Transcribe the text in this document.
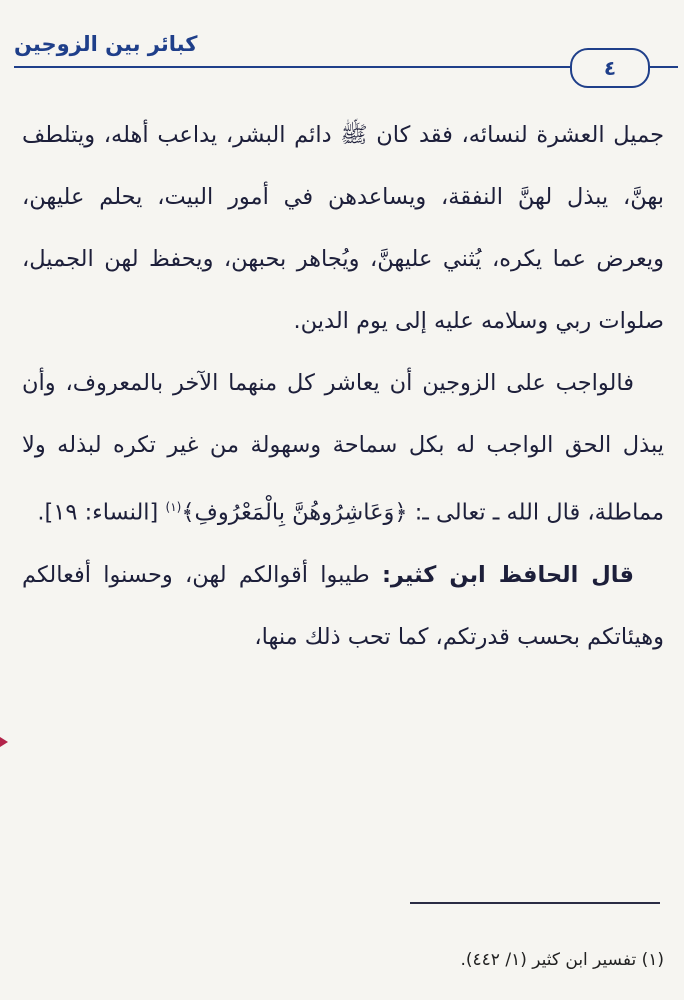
كبائر بين الزوجين
٤

جميل العشرة لنسائه، فقد كان ﷺ دائم البشر، يداعب أهله، ويتلطف بهنَّ، يبذل لهنَّ النفقة، ويساعدهن في أمور البيت، يحلم عليهن، ويعرض عما يكره، يُثني عليهنَّ، ويُجاهر بحبهن، ويحفظ لهن الجميل، صلوات ربي وسلامه عليه إلى يوم الدين.

فالواجب على الزوجين أن يعاشر كل منهما الآخر بالمعروف، وأن يبذل الحق الواجب له بكل سماحة وسهولة من غير تكره لبذله ولا مماطلة، قال الله ـ تعالى ـ: ﴿وَعَاشِرُوهُنَّ بِالْمَعْرُوفِ﴾$^{(١)}$ [النساء: ١٩].

قال الحافظ ابن كثير: طيبوا أقوالكم لهن، وحسنوا أفعالكم وهيئاتكم بحسب قدرتكم، كما تحب ذلك منها،

(١) تفسير ابن كثير (١/ ٤٤٢).
